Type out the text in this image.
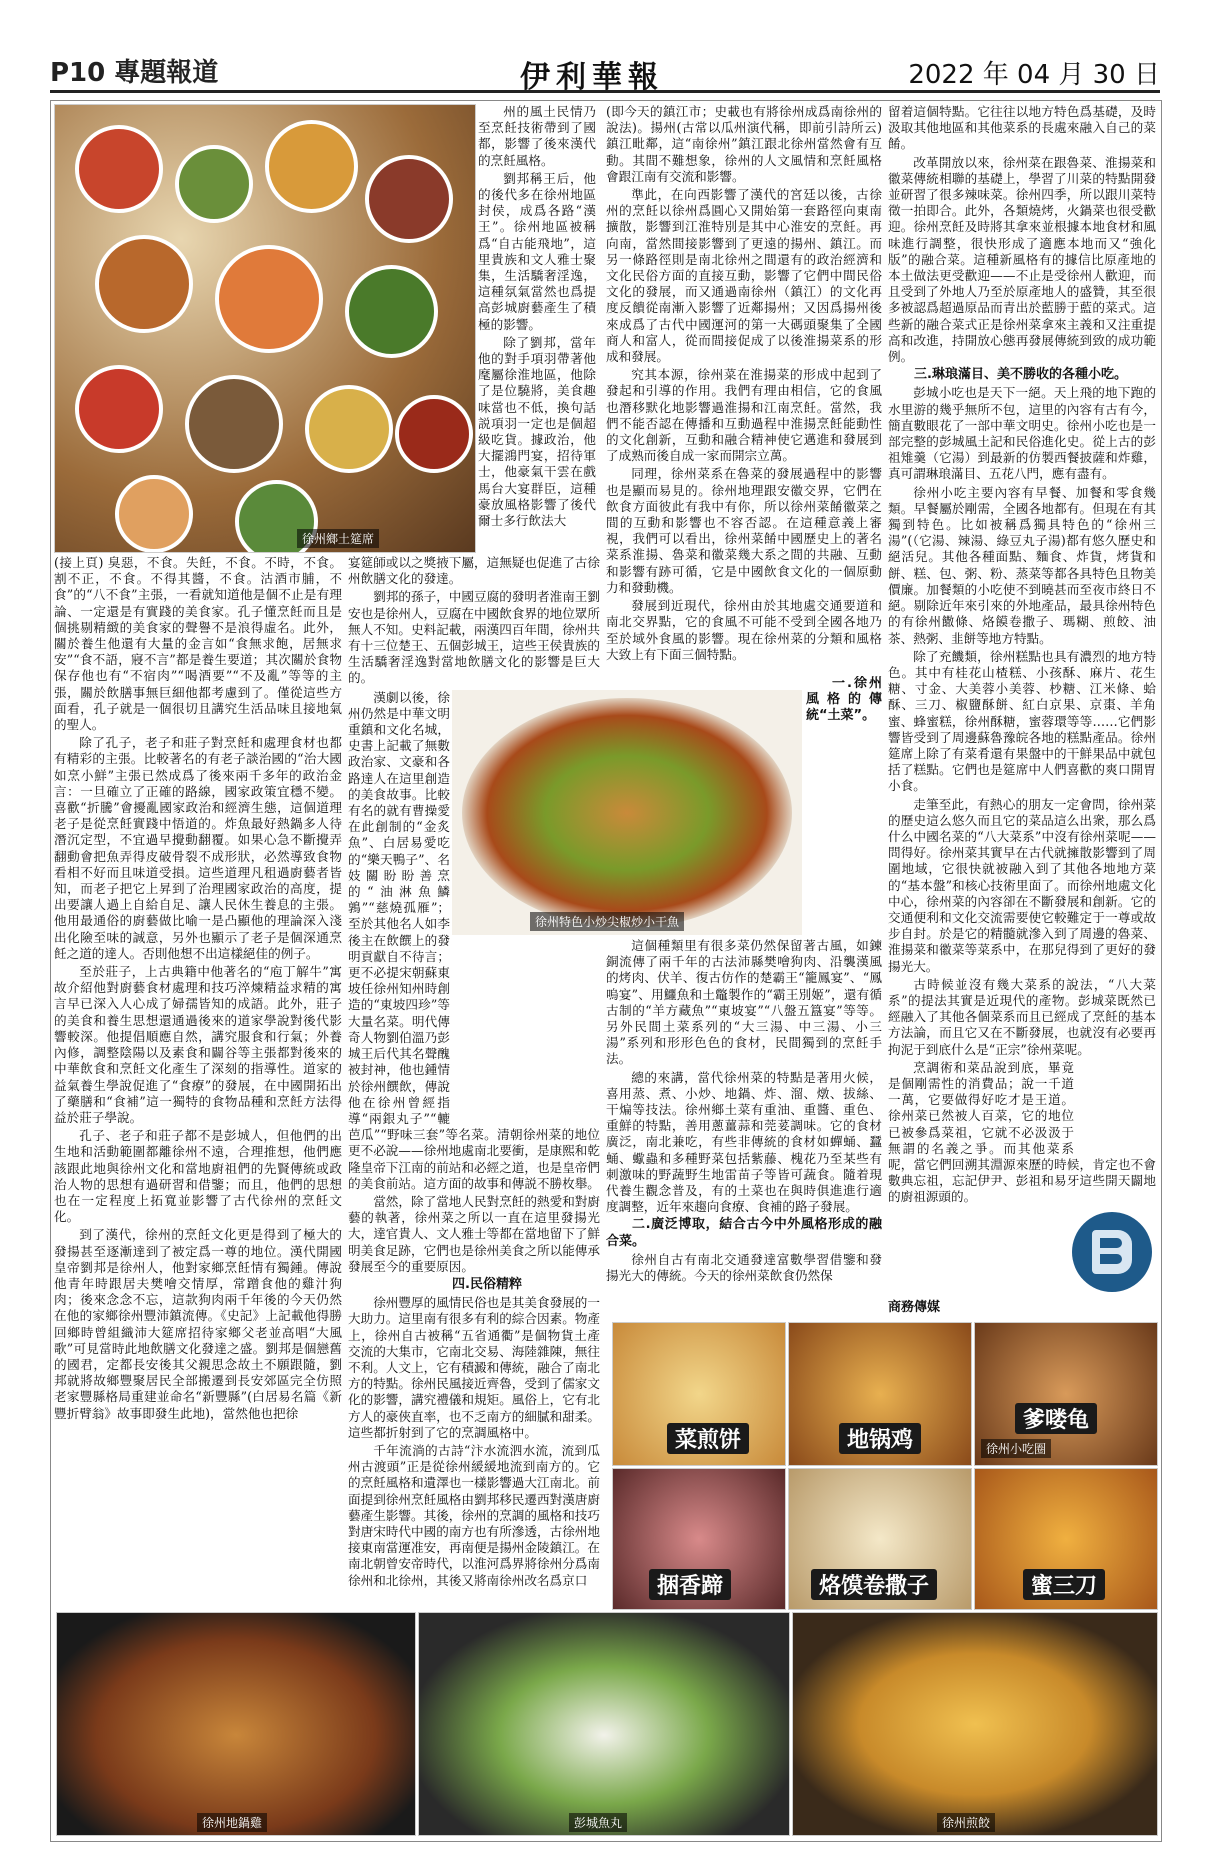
P10 專題報道	伊利華報	2022 年 04 月 30 日
徐州鄉土筵席

州的風土民情乃至烹飪技術帶到了國都，影響了後來漢代的烹飪風格。

劉邦稱王后，他的後代多在徐州地區封侯，成爲各路“漢王”。徐州地區被稱爲“自古能飛地”，這里貴族和文人雅士聚集，生活驕奢淫逸，這種氛氣當然也爲提高彭城廚藝產生了積極的影響。

除了劉邦，當年他的對手項羽帶著他麾屬徐淮地區，他除了是位驍將，美食趣味當也不低，換句話説項羽一定也是個超級吃貨。據政治，他大擺鴻門宴，招待軍士，他豪氣干雲在戲馬台大宴群臣，這種豪放風格影響了後代爾士多行飲法大

(接上頁) 臭惡，不食。失飪，不食。不時，不食。割不正，不食。不得其醬，不食。沽酒市脯，不食”的“八不食”主張，一看就知道他是個不止是有理論、一定還是有實踐的美食家。孔子懂烹飪而且是個挑剔精緻的美食家的聲譽不是浪得虛名。此外，關於養生他還有大量的金言如“食無求飽，居無求安”“食不語，寢不言”都是養生要道；其次關於食物保存他也有“不宿肉”“喝酒要”“不及亂”等等的主張，關於飲膳事無巨細他都考慮到了。僅從這些方面看，孔子就是一個很切且講究生活品味且接地氣的聖人。

除了孔子，老子和莊子對烹飪和處理食材也都有精彩的主張。比較著名的有老子談治國的“治大國如烹小鮮”主張已然成爲了後來兩千多年的政治金言：一旦確立了正確的路線，國家政策宜穩不變。喜歡“折騰”會擾亂國家政治和經濟生態，這個道理老子是從烹飪實踐中悟道的。炸魚最好熱鍋多人待潛沉定型，不宜過早攪動翻覆。如果心急不斷攪弄翻動會把魚弄得皮破骨裂不成形狀，必然導致食物看相不好而且味道受損。這些道理凡租過廚藝者皆知，而老子把它上昇到了治理國家政治的高度，提出要讓人過上自給自足、讓人民休生養息的主張。他用最通俗的廚藝做比喻一是凸顯他的理論深入淺出化險至味的誠意，另外也顯示了老子是個深通烹飪之道的達人。否則他想不出這樣絕佳的例子。

至於莊子，上古典籍中他著名的“庖丁解牛”寓故介紹他對廚藝食材處理和技巧淬煉精益求精的寓言早已深入人心成了婦孺皆知的成語。此外，莊子的美食和養生思想還通過後來的道家學說對後代影響較深。他提倡順應自然，講究服食和行氣；外養內修，調整陰陽以及素食和闢谷等主張都對後來的中華飲食和烹飪文化產生了深刻的指導性。道家的益氣養生學說促進了“食療”的發展，在中國開拓出了藥膳和“食補”這一獨特的食物品種和烹飪方法得益於莊子學說。

孔子、老子和莊子都不是彭城人，但他們的出生地和活動範圍都離徐州不遠，合理推想，他們應該跟此地與徐州文化和當地廚祖們的先賢傳統或政治人物的思想有過研習和借鑒；而且，他們的思想也在一定程度上拓寬並影響了古代徐州的烹飪文化。

到了漢代，徐州的烹飪文化更是得到了極大的發揚甚至逐漸達到了被定爲一尊的地位。漢代開國皇帝劉邦是徐州人，他對家鄉烹飪情有獨鍾。傳說他青年時跟居夫樊噲交情厚，常蹭食他的雞汁狗肉；後來念念不忘，這款狗肉兩千年後的今天仍然在他的家鄉徐州豐沛鎮流傳。《史記》上記載他得勝回鄉時曾組織沛大筵席招待家鄉父老並高唱“大風歌”可見當時此地飲膳文化發達之盛。劉邦是個戀舊的國君，定都長安後其父親思念故土不願跟隨，劉邦就將故鄉豐聚居民全部搬遷到長安郊區完全仿照老家豐縣格局重建並命名“新豐縣”(白居易名篇《新豐折臂翁》故事即發生此地)，當然他也把徐

宴筵師或以之獎掖下屬，這無疑也促進了古徐州飲膳文化的發達。

劉邦的孫子，中國豆腐的發明者淮南王劉安也是徐州人，豆腐在中國飲食界的地位眾所無人不知。史料記載，兩漢四百年間，徐州共有十三位楚王、五個彭城王，這些王侯貴族的生活驕奢淫逸對當地飲膳文化的影響是巨大的。

漢劇以後，徐州仍然是中華文明重鎮和文化名城，史書上記載了無數政治家、文豪和各路達人在這里創造的美食故事。比較有名的就有曹操愛在此創制的“金炙魚”、白居易愛吃的“樂天鴨子”、名妓關盼盼善烹的“油淋魚鱗鶉”“慈燒孤雁”；至於其他名人如李後主在飲饌上的發明貢獻自不待言；更不必提宋朝蘇東坡任徐州知州時創造的“東坡四珍”等大量名菜。明代傳奇人物劉伯溫乃彭城王后代其名聲醜被封神，他也鍾情於徐州饌飲，傳說他在徐州曾經指導“兩銀丸子”“轆芭瓜”“野味三套”等名菜。清朝徐州菜的地位更不必說——徐州地處南北要衝，是康熙和乾隆皇帝下江南的前站和必經之道，也是皇帝們的美食前站。這方面的故事和傳説不勝枚舉。

當然，除了當地人民對烹飪的熱愛和對廚藝的執著，徐州菜之所以一直在這里發揚光大，達官貴人、文人雅士等都在當地留下了鮮明美食足跡，它們也是徐州美食之所以能傳承發展至今的重要原因。

四.民俗精粹

徐州豐厚的風情民俗也是其美食發展的一大助力。這里南有很多有利的綜合因素。物產上，徐州自古被稱“五省通衢”是個物貨土產交流的大集市，它南北交易、海陸雜陳，無往不利。人文上，它有積澱和傳統，融合了南北方的特點。徐州民風接近齊魯，受到了儒家文化的影響，講究禮儀和規矩。風俗上，它有北方人的豪俠直率，也不乏南方的細膩和甜柔。這些都折射到了它的烹調風格中。

千年流淌的古詩“汴水流泗水流，流到瓜州古渡頭”正是從徐州緩緩地流到南方的。它的烹飪風格和遺澤也一樣影響過大江南北。前面提到徐州烹飪風格由劉邦移民遷西對漢唐廚藝產生影響。其後，徐州的烹調的風格和技巧對唐宋時代中國的南方也有所滲透，古徐州地接東南當運准安，再南便是揚州金陵鎮江。在南北朝曾安帝時代，以淮河爲界將徐州分爲南徐州和北徐州，其後又將南徐州改名爲京口

徐州特色小炒尖椒炒小干魚

(即今天的鎮江市；史載也有將徐州成爲南徐州的說法)。揚州(古常以瓜州演代稱，即前引詩所云)鎮江毗鄰，這“南徐州”鎮江跟北徐州當然會有互動。其間不難想象，徐州的人文風情和烹飪風格會跟江南有交流和影響。

準此，在向西影響了漢代的宮廷以後，古徐州的烹飪以徐州爲圓心又開始第一套路徑向東南擴散，影響到江淮特別是其中心淮安的烹飪。再向南，當然間接影響到了更遠的揚州、鎮江。而另一條路徑則是南北徐州之間還有的政治經濟和文化民俗方面的直接互動，影響了它們中間民俗文化的發展，而又通過南徐州（鎮江）的文化再度反饋從南漸入影響了近鄰揚州；又因爲揚州後來成爲了古代中國運河的第一大碼頭聚集了全國商人和富人，從而間接促成了以後淮揚菜系的形成和發展。

究其本源，徐州菜在淮揚菜的形成中起到了發起和引導的作用。我們有理由相信，它的食風也潛移默化地影響過淮揚和江南烹飪。當然，我們不能否認在傳播和互動過程中淮揚烹飪能動性的文化創新，互動和融合精神使它邁進和發展到了成熟而後自成一家而開宗立萬。

同理，徐州菜系在魯菜的發展過程中的影響也是顯而易見的。徐州地理跟安徽交界，它們在飲食方面彼此有我中有你，所以徐州菜餚徽菜之間的互動和影響也不容否認。在這種意義上審視，我們可以看出，徐州菜餚中國歷史上的著名菜系淮揚、魯菜和徽菜幾大系之間的共融、互動和影響有跡可循，它是中國飲食文化的一個原動力和發動機。

發展到近現代，徐州由於其地處交通要道和南北交界點，它的食風不可能不受到全國各地乃至於域外食風的影響。現在徐州菜的分類和風格大致上有下面三個特點。

一.徐州風格的傳統“土菜”。

這個種類里有很多菜仍然保留著古風，如鍊銅流傳了兩千年的古法沛縣樊噲狗肉、沿襲漢風的烤肉、伏羊、復古仿作的楚霸王“籠鳳宴”、“鳳嗚宴”、用鱷魚和土鼈製作的“霸王別姬”，還有循古制的“羊方藏魚”“東坡宴”“八盤五簋宴”等等。另外民間土菜系列的“大三湯、中三湯、小三湯”系列和形形色色的食材，民間獨到的烹飪手法。

總的來講，當代徐州菜的特點是著用火候，喜用蒸、煮、小炒、地鍋、炸、溜、燉、拔絲、干煸等技法。徐州鄉土菜有重油、重醬、重色、重鮮的特點，善用蔥薑蒜和莞荽調味。它的食材廣泛，南北兼吃，有些非傳統的食材如蟬蛹、蠶蛹、蠍蟲和多種野菜包括紫藤、槐花乃至某些有刺激味的野蔬野生地雷苗子等皆可蔬食。隨着現代養生觀念普及，有的土菜也在與時俱進進行適度調整，近年來趨向食療、食補的路子發展。

二.廣泛博取，結合古今中外風格形成的融合菜。

徐州自古有南北交通發達富數學習借鑒和發揚光大的傳統。今天的徐州菜飲食仍然保

留着這個特點。它往往以地方特色爲基礎，及時汲取其他地區和其他菜系的長處來融入自己的菜餚。

改革開放以來，徐州菜在跟魯菜、淮揚菜和徽菜傳統相聯的基礎上，學習了川菜的特點開發並研習了很多辣味菜。徐州四季，所以跟川菜特徵一拍即合。此外，各類燒烤，火鍋菜也很受歡迎。徐州烹飪及時將其拿來並根據本地食材和風味進行調整，很快形成了適應本地而又“強化版”的融合菜。這種新風格有的據信比原產地的本土做法更受歡迎——不止是受徐州人歡迎，而且受到了外地人乃至於原產地人的盛贊，其至很多被認爲超過原品而青出於藍勝于藍的菜式。這些新的融合菜式正是徐州菜拿來主義和又注重提高和改進，持開放心態再發展傳統到致的成功範例。

三.琳琅滿目、美不勝收的各種小吃。

彭城小吃也是天下一絕。天上飛的地下跑的水里游的幾乎無所不包，這里的內容有古有今，簡直數眼花了一部中華文明史。徐州小吃也是一部完整的彭城風土記和民俗進化史。從上古的彭祖雉羹（它湯）到最新的仿製西餐披薩和炸雞，真可謂琳琅滿目、五花八門，應有盡有。

徐州小吃主要內容有早餐、加餐和零食幾類。早餐屬於剛需，全國各地都有。但現在有其獨到特色。比如被稱爲獨具特色的“徐州三湯”(（它湯、辣湯、綠豆丸子湯)都有悠久歷史和絕活兒。其他各種面點、麵食、炸貨，烤貨和餅、糕、包、粥、粉、蒸菜等都各具特色且物美價廉。加餐類的小吃使不到曉甚而至夜市終日不絕。剔除近年來引來的外地產品，最具徐州特色的有徐州饊條、烙饃卷撒子、瑪糊、煎餃、油茶、熱粥、韭餅等地方特點。

除了充饑類，徐州糕點也具有濃烈的地方特色。其中有桂花山楂糕、小孩酥、麻片、花生糖、寸金、大美蓉小美蓉、杪糖、江米條、蛤酥、三刀、椒鹽酥餅、紅白京果、京棗、羊角蜜、蜂蜜糕，徐州酥糖，蜜蓉環等等……它們影響皆受到了周邊蘇魯豫皖各地的糕點產品。徐州筵席上除了有菜肴還有果盤中的干鮮果品中就包括了糕點。它們也是筵席中人們喜歡的爽口開胃小食。

走筆至此，有熱心的朋友一定會問，徐州菜的歷史這么悠久而且它的菜品這么出衆，那么爲什么中國名菜的“八大菜系”中沒有徐州菜呢——問得好。徐州菜其實早在古代就擁散影響到了周圍地域，它很快就被融入到了其他各地地方菜的“基本盤”和核心技術里面了。而徐州地處文化中心，徐州菜的內容卻在不斷發展和創新。它的交通便利和文化交流需要使它較難定于一尊或故步自封。於是它的精髓就滲入到了周邊的魯菜、淮揚菜和徽菜等菜系中，在那兒得到了更好的發揚光大。

古時候並沒有幾大菜系的說法，“八大菜系”的提法其實是近現代的產物。彭城菜既然已經融入了其他各個菜系而且已經成了烹飪的基本方法論，而且它又在不斷發展，也就沒有必要再拘泥于到底什么是“正宗”徐州菜呢。

烹調術和菜品說到底，畢竟是個剛需性的消費品；說一千道一萬，它要做得好吃才是王道。徐州菜已然被人百菜，它的地位已被參爲菜祖，它就不必汲汲于無謂的名義之爭。而其他菜系呢，當它們回溯其淵源來歷的時候，肯定也不會數典忘祖，忘記伊尹、彭祖和易牙這些開天闢地的廚祖源頭的。

商務傳媒
菜煎饼	地锅鸡
爹喽龟
徐州小吃圈
捆香蹄	烙馍卷撒子	蜜三刀
徐州地鍋雞	彭城魚丸	徐州煎餃
